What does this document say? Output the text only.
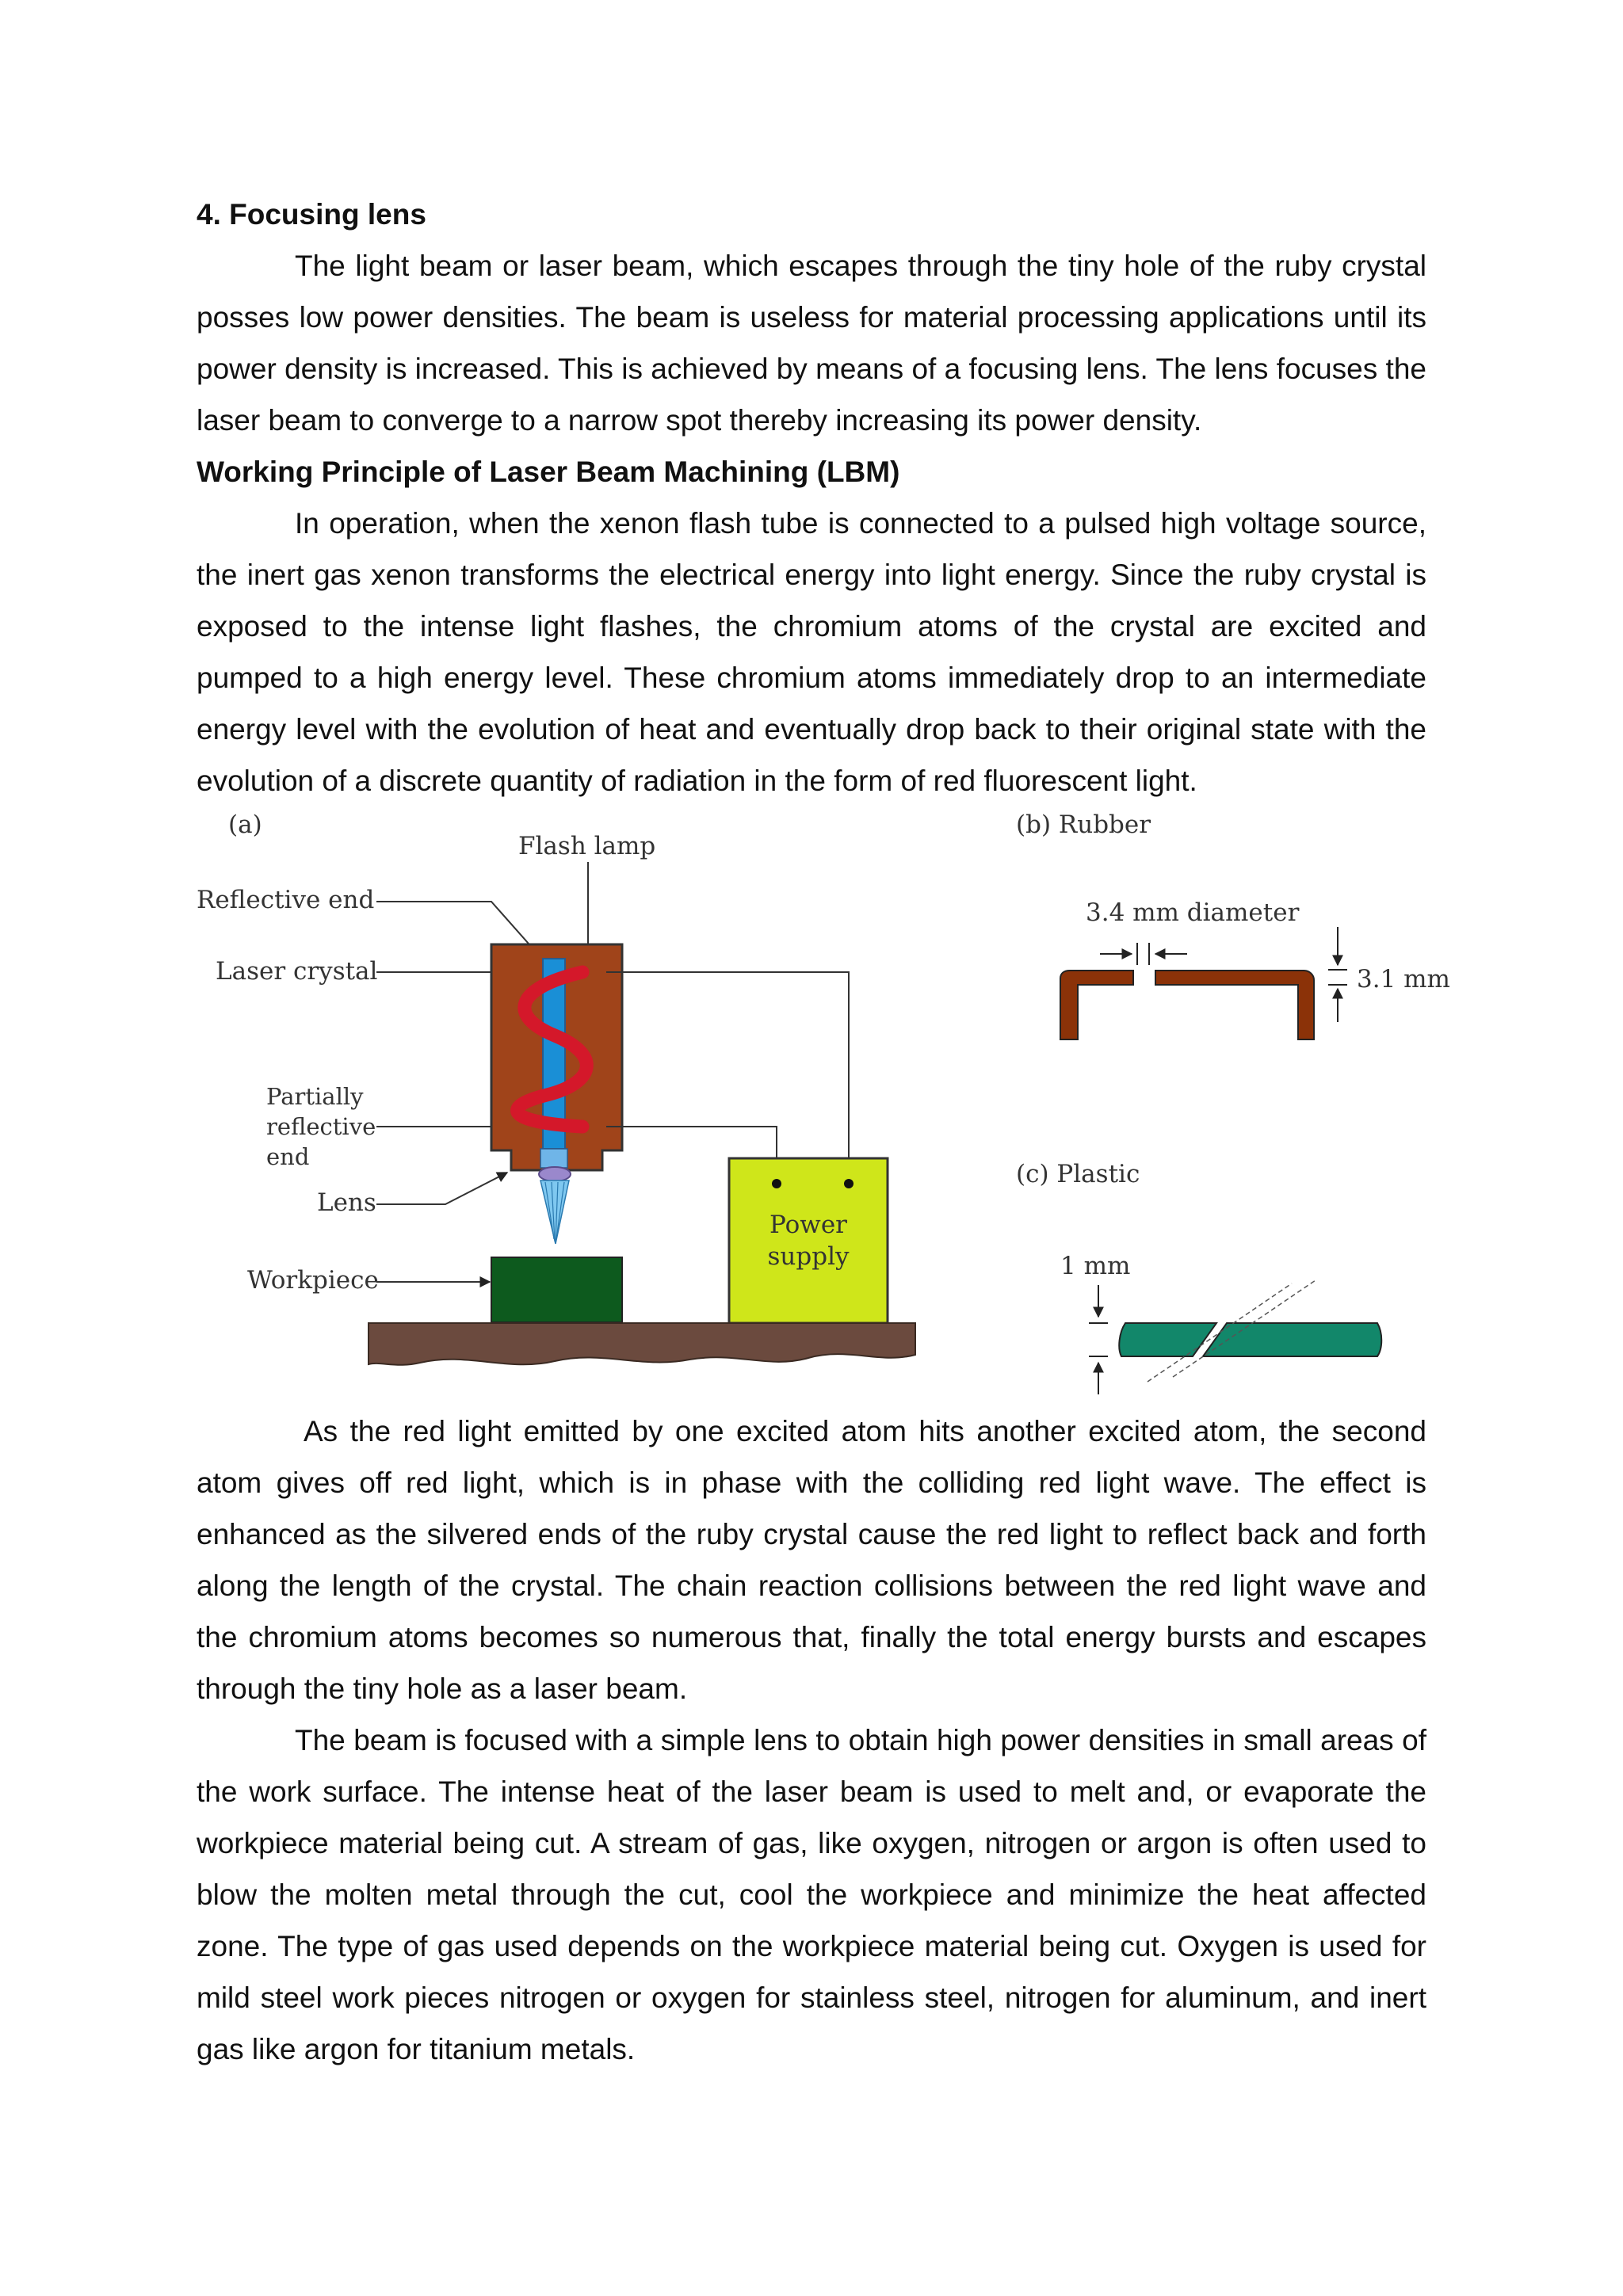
4. Focusing lens

The light beam or laser beam, which escapes through the tiny hole of the ruby crystal posses low power densities. The beam is useless for material processing applications until its power density is increased. This is achieved by means of a focusing lens. The lens focuses the laser beam to converge to a narrow spot thereby increasing its power density.

Working Principle of Laser Beam Machining (LBM)

In operation, when the xenon flash tube is connected to a pulsed high voltage source, the inert gas xenon transforms the electrical energy into light energy. Since the ruby crystal is exposed to the intense light flashes, the chromium atoms of the crystal are excited and pumped to a high energy level. These chromium atoms immediately drop to an intermediate energy level with the evolution of heat and eventually drop back to their original state with the evolution of a discrete quantity of radiation in the form of red fluorescent light.

(a)
Flash lamp
Reflective end
Laser crystal
Partially
reflective
end
Lens
Workpiece
Power
supply
(b) Rubber
3.4 mm diameter
3.1 mm
(c) Plastic
1 mm

As the red light emitted by one excited atom hits another excited atom, the second atom gives off red light, which is in phase with the colliding red light wave. The effect is enhanced as the silvered ends of the ruby crystal cause the red light to reflect back and forth along the length of the crystal. The chain reaction collisions between the red light wave and the chromium atoms becomes so numerous that, finally the total energy bursts and escapes through the tiny hole as a laser beam.

The beam is focused with a simple lens to obtain high power densities in small areas of the work surface. The intense heat of the laser beam is used to melt and, or evaporate the workpiece material being cut. A stream of gas, like oxygen, nitrogen or argon is often used to blow the molten metal through the cut, cool the workpiece and minimize the heat affected zone. The type of gas used depends on the workpiece material being cut. Oxygen is used for mild steel work pieces nitrogen or oxygen for stainless steel, nitrogen for aluminum, and inert gas like argon for titanium metals.
